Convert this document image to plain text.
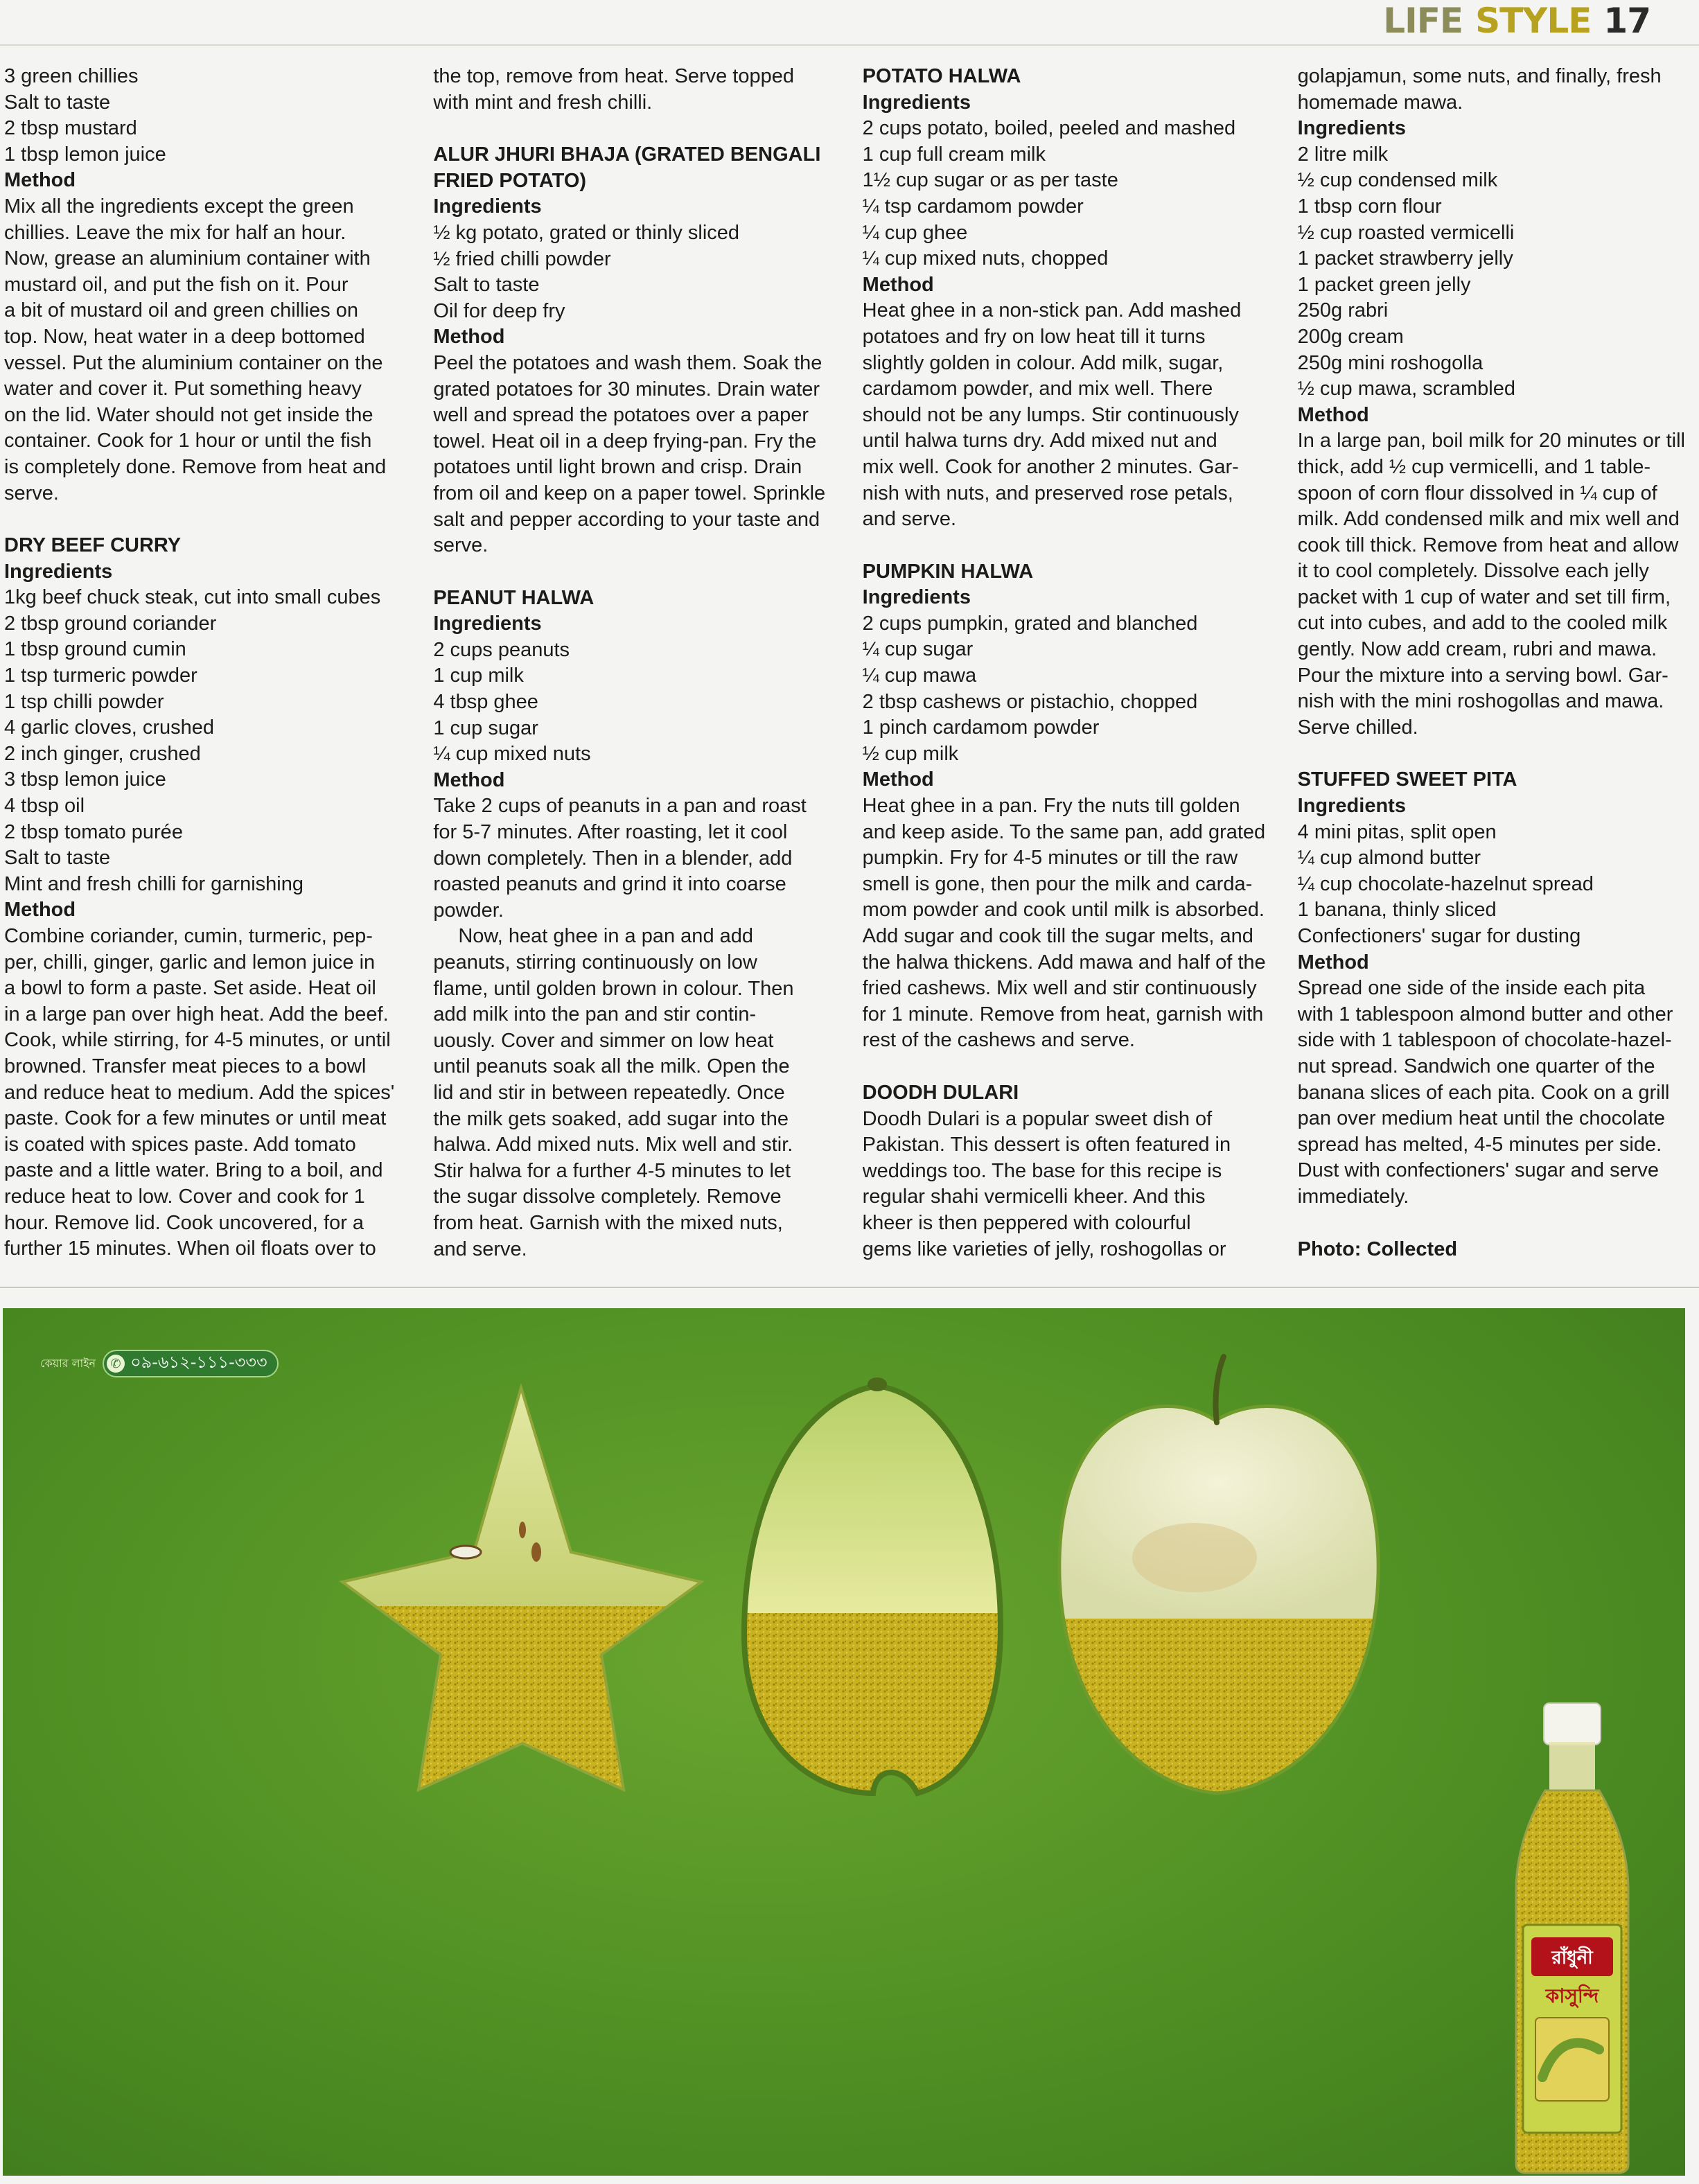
LIFE STYLE 17
3 green chillies
Salt to taste
2 tbsp mustard
1 tbsp lemon juice
Method
Mix all the ingredients except the green
chillies. Leave the mix for half an hour.
Now, grease an aluminium container with
mustard oil, and put the fish on it. Pour
a bit of mustard oil and green chillies on
top. Now, heat water in a deep bottomed
vessel. Put the aluminium container on the
water and cover it. Put something heavy
on the lid. Water should not get inside the
container. Cook for 1 hour or until the fish
is completely done. Remove from heat and
serve.
DRY BEEF CURRY
Ingredients
1kg beef chuck steak, cut into small cubes
2 tbsp ground coriander
1 tbsp ground cumin
1 tsp turmeric powder
1 tsp chilli powder
4 garlic cloves, crushed
2 inch ginger, crushed
3 tbsp lemon juice
4 tbsp oil
2 tbsp tomato purée
Salt to taste
Mint and fresh chilli for garnishing
Method
Combine coriander, cumin, turmeric, pep-
per, chilli, ginger, garlic and lemon juice in
a bowl to form a paste. Set aside. Heat oil
in a large pan over high heat. Add the beef.
Cook, while stirring, for 4-5 minutes, or until
browned. Transfer meat pieces to a bowl
and reduce heat to medium. Add the spices'
paste. Cook for a few minutes or until meat
is coated with spices paste. Add tomato
paste and a little water. Bring to a boil, and
reduce heat to low. Cover and cook for 1
hour. Remove lid. Cook uncovered, for a
further 15 minutes. When oil floats over to
the top, remove from heat. Serve topped
with mint and fresh chilli.
ALUR JHURI BHAJA (GRATED BENGALI
FRIED POTATO)
Ingredients
½ kg potato, grated or thinly sliced
½ fried chilli powder
Salt to taste
Oil for deep fry
Method
Peel the potatoes and wash them. Soak the
grated potatoes for 30 minutes. Drain water
well and spread the potatoes over a paper
towel. Heat oil in a deep frying-pan. Fry the
potatoes until light brown and crisp. Drain
from oil and keep on a paper towel. Sprinkle
salt and pepper according to your taste and
serve.
PEANUT HALWA
Ingredients
2 cups peanuts
1 cup milk
4 tbsp ghee
1 cup sugar
¼ cup mixed nuts
Method
Take 2 cups of peanuts in a pan and roast
for 5-7 minutes. After roasting, let it cool
down completely. Then in a blender, add
roasted peanuts and grind it into coarse
powder.
Now, heat ghee in a pan and add
peanuts, stirring continuously on low
flame, until golden brown in colour. Then
add milk into the pan and stir contin-
uously. Cover and simmer on low heat
until peanuts soak all the milk. Open the
lid and stir in between repeatedly. Once
the milk gets soaked, add sugar into the
halwa. Add mixed nuts. Mix well and stir.
Stir halwa for a further 4-5 minutes to let
the sugar dissolve completely. Remove
from heat. Garnish with the mixed nuts,
and serve.
POTATO HALWA
Ingredients
2 cups potato, boiled, peeled and mashed
1 cup full cream milk
1½ cup sugar or as per taste
¼ tsp cardamom powder
¼ cup ghee
¼ cup mixed nuts, chopped
Method
Heat ghee in a non-stick pan. Add mashed
potatoes and fry on low heat till it turns
slightly golden in colour. Add milk, sugar,
cardamom powder, and mix well. There
should not be any lumps. Stir continuously
until halwa turns dry. Add mixed nut and
mix well. Cook for another 2 minutes. Gar-
nish with nuts, and preserved rose petals,
and serve.
PUMPKIN HALWA
Ingredients
2 cups pumpkin, grated and blanched
¼ cup sugar
¼ cup mawa
2 tbsp cashews or pistachio, chopped
1 pinch cardamom powder
½ cup milk
Method
Heat ghee in a pan. Fry the nuts till golden
and keep aside. To the same pan, add grated
pumpkin. Fry for 4-5 minutes or till the raw
smell is gone, then pour the milk and carda-
mom powder and cook until milk is absorbed.
Add sugar and cook till the sugar melts, and
the halwa thickens. Add mawa and half of the
fried cashews. Mix well and stir continuously
for 1 minute. Remove from heat, garnish with
rest of the cashews and serve.
DOODH DULARI
Doodh Dulari is a popular sweet dish of
Pakistan. This dessert is often featured in
weddings too. The base for this recipe is
regular shahi vermicelli kheer. And this
kheer is then peppered with colourful
gems like varieties of jelly, roshogollas or
golapjamun, some nuts, and finally, fresh
homemade mawa.
Ingredients
2 litre milk
½ cup condensed milk
1 tbsp corn flour
½ cup roasted vermicelli
1 packet strawberry jelly
1 packet green jelly
250g rabri
200g cream
250g mini roshogolla
½ cup mawa, scrambled
Method
In a large pan, boil milk for 20 minutes or till
thick, add ½ cup vermicelli, and 1 table-
spoon of corn flour dissolved in ¼ cup of
milk. Add condensed milk and mix well and
cook till thick. Remove from heat and allow
it to cool completely. Dissolve each jelly
packet with 1 cup of water and set till firm,
cut into cubes, and add to the cooled milk
gently. Now add cream, rubri and mawa.
Pour the mixture into a serving bowl. Gar-
nish with the mini roshogollas and mawa.
Serve chilled.
STUFFED SWEET PITA
Ingredients
4 mini pitas, split open
¼ cup almond butter
¼ cup chocolate-hazelnut spread
1 banana, thinly sliced
Confectioners' sugar for dusting
Method
Spread one side of the inside each pita
with 1 tablespoon almond butter and other
side with 1 tablespoon of chocolate-hazel-
nut spread. Sandwich one quarter of the
banana slices of each pita. Cook on a grill
pan over medium heat until the chocolate
spread has melted, 4-5 minutes per side.
Dust with confectioners' sugar and serve
immediately.
Photo: Collected
কেয়ার লাইন	✆ ০৯-৬১২-১১১-৩৩৩
রাঁধুনী
কাসুন্দি
